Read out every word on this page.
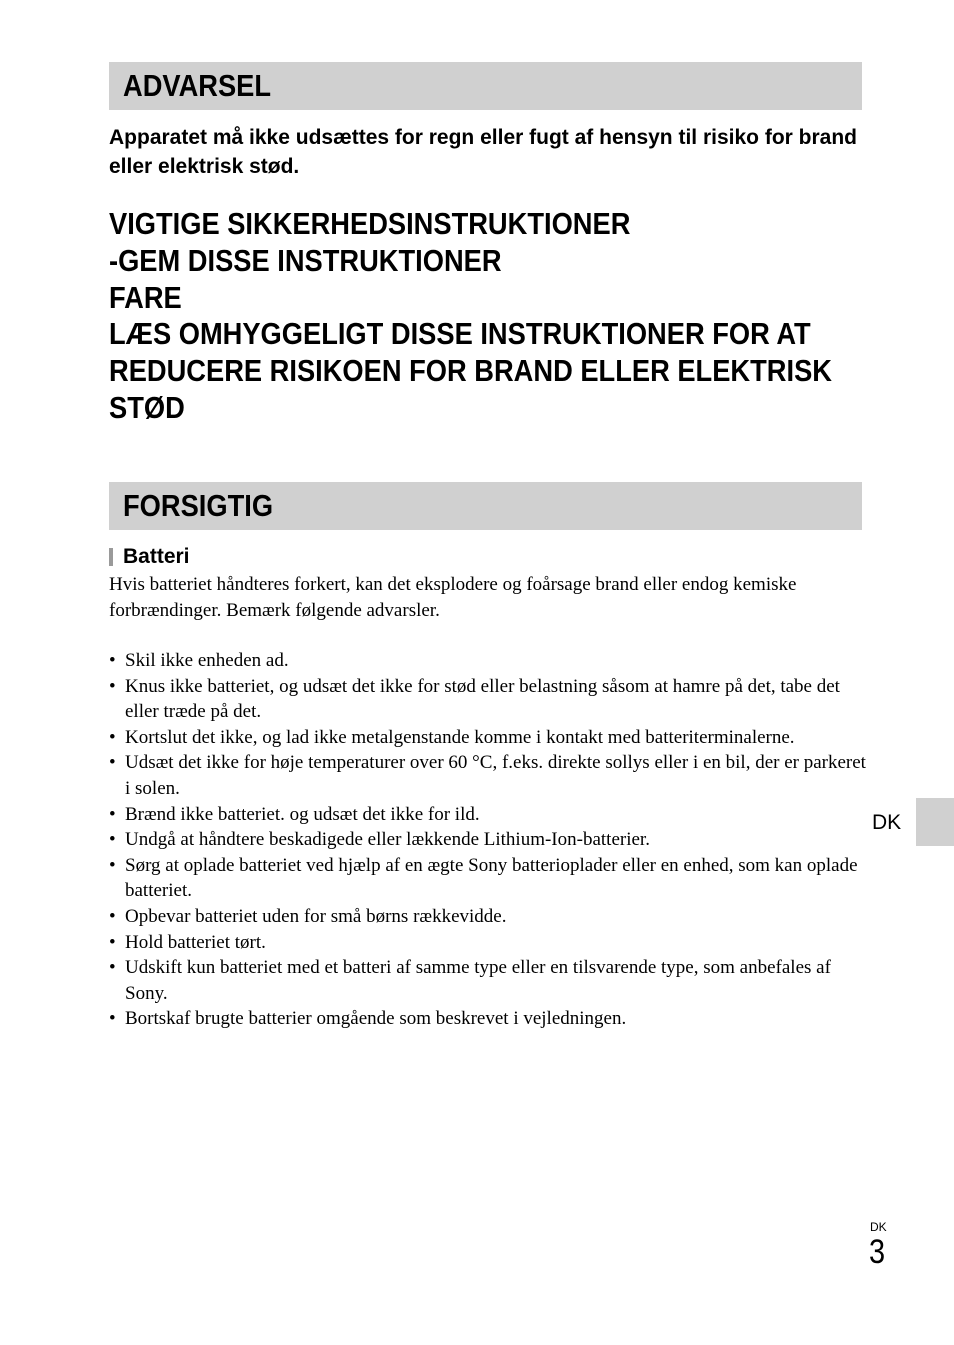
ADVARSEL

Apparatet må ikke udsættes for regn eller fugt af hensyn til risiko for brand eller elektrisk stød.

VIGTIGE SIKKERHEDSINSTRUKTIONER
-GEM DISSE INSTRUKTIONER
FARE
LÆS OMHYGGELIGT DISSE INSTRUKTIONER FOR AT
REDUCERE RISIKOEN FOR BRAND ELLER ELEKTRISK
STØD
FORSIGTIG
Batteri

Hvis batteriet håndteres forkert, kan det eksplodere og foårsage brand eller endog kemiske forbrændinger. Bemærk følgende advarsler.

• Skil ikke enheden ad.
• Knus ikke batteriet, og udsæt det ikke for stød eller belastning såsom at hamre på det, tabe det eller træde på det.
• Kortslut det ikke, og lad ikke metalgenstande komme i kontakt med batteriterminalerne.
• Udsæt det ikke for høje temperaturer over 60 °C, f.eks. direkte sollys eller i en bil, der er parkeret i solen.
• Brænd ikke batteriet. og udsæt det ikke for ild.
• Undgå at håndtere beskadigede eller lækkende Lithium-Ion-batterier.
• Sørg at oplade batteriet ved hjælp af en ægte Sony batterioplader eller en enhed, som kan oplade batteriet.
• Opbevar batteriet uden for små børns rækkevidde.
• Hold batteriet tørt.
• Udskift kun batteriet med et batteri af samme type eller en tilsvarende type, som anbefales af Sony.
• Bortskaf brugte batterier omgående som beskrevet i vejledningen.
DK
DK
3
